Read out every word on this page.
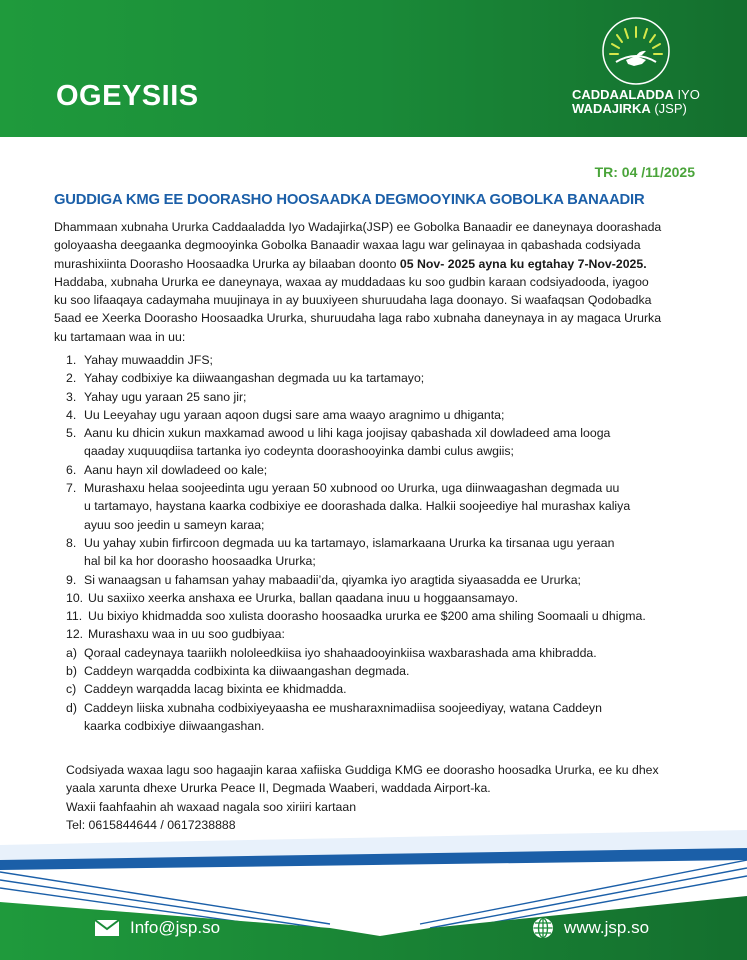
OGEYSIIS	CADDAALADDA IYO
WADAJIRKA (JSP)
TR: 04 /11/2025
GUDDIGA KMG EE DOORASHO HOOSAADKA DEGMOOYINKA GOBOLKA BANAADIR

Dhammaan xubnaha Ururka Caddaaladda Iyo Wadajirka(JSP) ee Gobolka Banaadir ee daneynaya doorashada

goloyaasha deegaanka degmooyinka Gobolka Banaadir waxaa lagu war gelinayaa in qabashada codsiyada

murashixiinta Doorasho Hoosaadka Ururka ay bilaaban doonto 05 Nov- 2025 ayna ku egtahay 7-Nov-2025.

Haddaba, xubnaha Ururka ee daneynaya, waxaa ay muddadaas ku soo gudbin karaan codsiyadooda, iyagoo

ku soo lifaaqaya cadaymaha muujinaya in ay buuxiyeen shuruudaha laga doonayo. Si waafaqsan Qodobadka

5aad ee Xeerka Doorasho Hoosaadka Ururka, shuruudaha laga rabo xubnaha daneynaya in ay magaca Ururka

ku tartamaan waa in uu:

1. Yahay muwaaddin JFS;
2. Yahay codbixiye ka diiwaangashan degmada uu ka tartamayo;
3. Yahay ugu yaraan 25 sano jir;
4. Uu Leeyahay ugu yaraan aqoon dugsi sare ama waayo aragnimo u dhiganta;
5. Aanu ku dhicin xukun maxkamad awood u lihi kaga joojisay qabashada xil dowladeed ama looga
qaaday xuquuqdiisa tartanka iyo codeynta doorashooyinka dambi culus awgiis;
6. Aanu hayn xil dowladeed oo kale;
7. Murashaxu helaa soojeedinta ugu yeraan 50 xubnood oo Ururka, uga diinwaagashan degmada uu
u tartamayo, haystana kaarka codbixiye ee doorashada dalka. Halkii soojeediye hal murashax kaliya
ayuu soo jeedin u sameyn karaa;
8. Uu yahay xubin firfircoon degmada uu ka tartamayo, islamarkaana Ururka ka tirsanaa ugu yeraan
hal bil ka hor doorasho hoosaadka Ururka;
9. Si wanaagsan u fahamsan yahay mabaadii’da, qiyamka iyo aragtida siyaasadda ee Ururka;
10. Uu saxiixo xeerka anshaxa ee Ururka, ballan qaadana inuu u hoggaansamayo.
11. Uu bixiyo khidmadda soo xulista doorasho hoosaadka ururka ee $200 ama shiling Soomaali u dhigma.
12. Murashaxu waa in uu soo gudbiyaa:
a) Qoraal cadeynaya taariikh nololeedkiisa iyo shahaadooyinkiisa waxbarashada ama khibradda.
b) Caddeyn warqadda codbixinta ka diiwaangashan degmada.
c) Caddeyn warqadda lacag bixinta ee khidmadda.
d) Caddeyn liiska xubnaha codbixiyeyaasha ee musharaxnimadiisa soojeediyay, watana Caddeyn
kaarka codbixiye diiwaangashan.

Codsiyada waxaa lagu soo hagaajin karaa xafiiska Guddiga KMG ee doorasho hoosadka Ururka, ee ku dhex

yaala xarunta dhexe Ururka Peace II, Degmada Waaberi, waddada Airport-ka.

Waxii faahfaahin ah waxaad nagala soo xiriiri kartaan

Tel: 0615844644 / 0617238888

Info@jsp.so	www.jsp.so
